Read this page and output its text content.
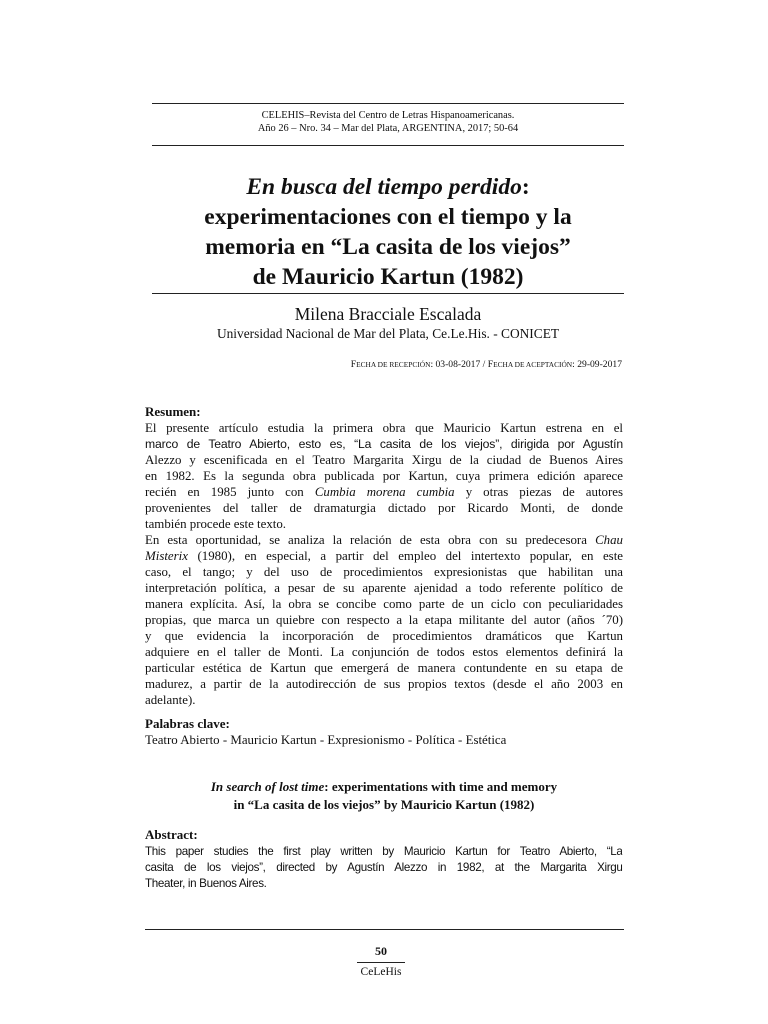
CELEHIS–Revista del Centro de Letras Hispanoamericanas.
Año 26 – Nro. 34 – Mar del Plata, ARGENTINA, 2017; 50-64
En busca del tiempo perdido:
experimentaciones con el tiempo y la
memoria en “La casita de los viejos”
de Mauricio Kartun (1982)
Milena Bracciale Escalada
Universidad Nacional de Mar del Plata, Ce.Le.His. - CONICET
FECHA DE RECEPCIÓN: 03-08-2017 / FECHA DE ACEPTACIÓN: 29-09-2017
Resumen:
El presente artículo estudia la primera obra que Mauricio Kartun estrena en el
marco de Teatro Abierto, esto es, “La casita de los viejos”, dirigida por Agustín
Alezzo y escenificada en el Teatro Margarita Xirgu de la ciudad de Buenos Aires
en 1982. Es la segunda obra publicada por Kartun, cuya primera edición aparece
recién en 1985 junto con Cumbia morena cumbia y otras piezas de autores
provenientes del taller de dramaturgia dictado por Ricardo Monti, de donde
también procede este texto.
En esta oportunidad, se analiza la relación de esta obra con su predecesora Chau
Misterix (1980), en especial, a partir del empleo del intertexto popular, en este
caso, el tango; y del uso de procedimientos expresionistas que habilitan una
interpretación política, a pesar de su aparente ajenidad a todo referente político de
manera explícita. Así, la obra se concibe como parte de un ciclo con peculiaridades
propias, que marca un quiebre con respecto a la etapa militante del autor (años ´70)
y que evidencia la incorporación de procedimientos dramáticos que Kartun
adquiere en el taller de Monti. La conjunción de todos estos elementos definirá la
particular estética de Kartun que emergerá de manera contundente en su etapa de
madurez, a partir de la autodirección de sus propios textos (desde el año 2003 en
adelante).
Palabras clave:
Teatro Abierto - Mauricio Kartun - Expresionismo - Política - Estética
In search of lost time: experimentations with time and memory
in “La casita de los viejos” by Mauricio Kartun (1982)
Abstract:
This paper studies the first play written by Mauricio Kartun for Teatro Abierto, “La
casita de los viejos”, directed by Agustín Alezzo in 1982, at the Margarita Xirgu
Theater, in Buenos Aires.
50
CeLeHis
